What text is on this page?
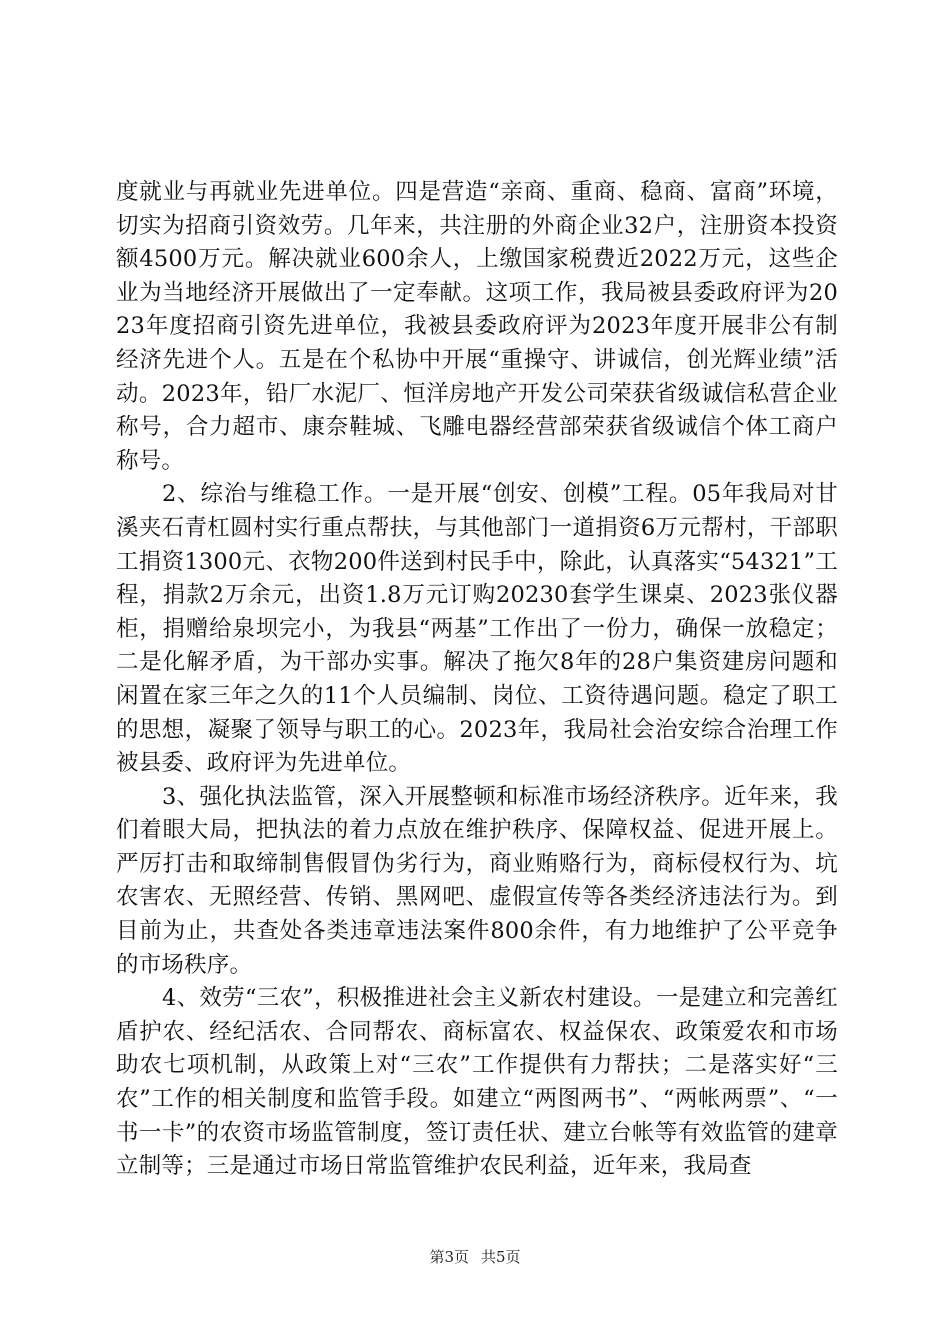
度就业与再就业先进单位。四是营造“亲商、重商、稳商、富商”环境，切实为招商引资效劳。几年来，共注册的外商企业32户，注册资本投资额4500万元。解决就业600余人，上缴国家税费近2022万元，这些企业为当地经济开展做出了一定奉献。这项工作，我局被县委政府评为2023年度招商引资先进单位，我被县委政府评为2023年度开展非公有制经济先进个人。五是在个私协中开展“重操守、讲诚信，创光辉业绩”活动。2023年，铅厂水泥厂、恒洋房地产开发公司荣获省级诚信私营企业称号，合力超市、康奈鞋城、飞雕电器经营部荣获省级诚信个体工商户称号。

2、综治与维稳工作。一是开展“创安、创模”工程。05年我局对甘溪夹石青杠圆村实行重点帮扶，与其他部门一道捐资6万元帮村，干部职工捐资1300元、衣物200件送到村民手中，除此，认真落实“54321”工程，捐款2万余元，出资1.8万元订购20230套学生课桌、2023张仪器柜，捐赠给泉坝完小，为我县“两基”工作出了一份力，确保一放稳定；二是化解矛盾，为干部办实事。解决了拖欠8年的28户集资建房问题和闲置在家三年之久的11个人员编制、岗位、工资待遇问题。稳定了职工的思想，凝聚了领导与职工的心。2023年，我局社会治安综合治理工作被县委、政府评为先进单位。

3、强化执法监管，深入开展整顿和标准市场经济秩序。近年来，我们着眼大局，把执法的着力点放在维护秩序、保障权益、促进开展上。严厉打击和取缔制售假冒伪劣行为，商业贿赂行为，商标侵权行为、坑农害农、无照经营、传销、黑网吧、虚假宣传等各类经济违法行为。到目前为止，共查处各类违章违法案件800余件，有力地维护了公平竞争的市场秩序。

4、效劳“三农”，积极推进社会主义新农村建设。一是建立和完善红盾护农、经纪活农、合同帮农、商标富农、权益保农、政策爱农和市场助农七项机制，从政策上对“三农”工作提供有力帮扶；二是落实好“三农”工作的相关制度和监管手段。如建立“两图两书”、“两帐两票”、“一书一卡”的农资市场监管制度，签订责任状、建立台帐等有效监管的建章立制等；三是通过市场日常监管维护农民利益，近年来，我局查

第3页 共5页
